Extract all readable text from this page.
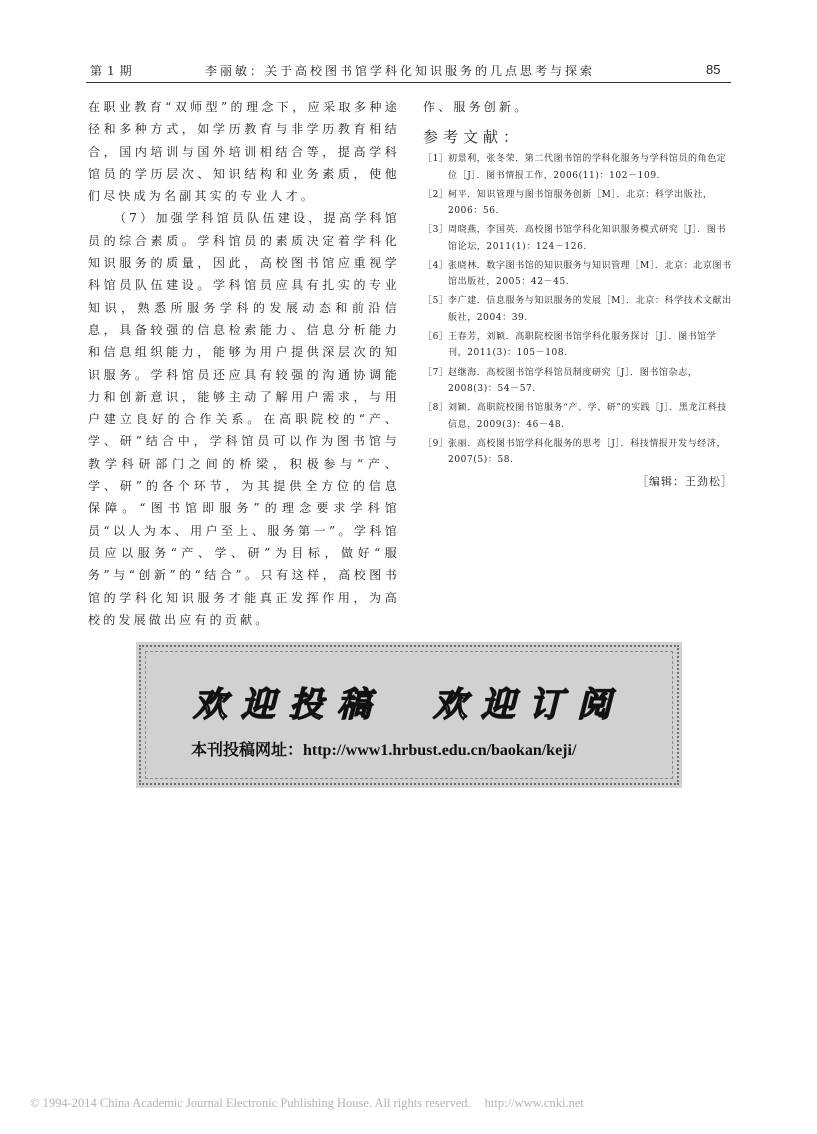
第1期	李丽敏：关于高校图书馆学科化知识服务的几点思考与探索	85

在职业教育“双师型”的理念下，应采取多种途径和多种方式，如学历教育与非学历教育相结合，国内培训与国外培训相结合等，提高学科馆员的学历层次、知识结构和业务素质，使他们尽快成为名副其实的专业人才。

（7）加强学科馆员队伍建设，提高学科馆员的综合素质。学科馆员的素质决定着学科化知识服务的质量，因此，高校图书馆应重视学科馆员队伍建设。学科馆员应具有扎实的专业知识，熟悉所服务学科的发展动态和前沿信息，具备较强的信息检索能力、信息分析能力和信息组织能力，能够为用户提供深层次的知识服务。学科馆员还应具有较强的沟通协调能力和创新意识，能够主动了解用户需求，与用户建立良好的合作关系。在高职院校的“产、学、研”结合中，学科馆员可以作为图书馆与教学科研部门之间的桥梁，积极参与“产、学、研”的各个环节，为其提供全方位的信息保障。“图书馆即服务”的理念要求学科馆员“以人为本、用户至上、服务第一”。学科馆员应以服务“产、学、研”为目标，做好“服务”与“创新”的“结合”。只有这样，高校图书馆的学科化知识服务才能真正发挥作用，为高校的发展做出应有的贡献。

作、服务创新。
参考文献：
［1］ 初景利，张冬荣．第二代图书馆的学科化服务与学科馆员的角色定位［J］．图书情报工作，2006(11)：102－109.
［2］ 柯平．知识管理与图书馆服务创新［M］．北京：科学出版社，2006：56.
［3］ 周晓燕，李国英．高校图书馆学科化知识服务模式研究［J］．图书馆论坛，2011(1)：124－126.
［4］ 张晓林．数字图书馆的知识服务与知识管理［M］．北京：北京图书馆出版社，2005：42－45.
［5］ 李广建．信息服务与知识服务的发展［M］．北京：科学技术文献出版社，2004：39.
［6］ 王春芳，刘颖．高职院校图书馆学科化服务探讨［J］．图书馆学刊，2011(3)：105－108.
［7］ 赵继海．高校图书馆学科馆员制度研究［J］．图书馆杂志，2008(3)：54－57.
［8］ 刘颖．高职院校图书馆服务“产、学、研”的实践［J］．黑龙江科技信息，2009(3)：46－48.
［9］ 张丽．高校图书馆学科化服务的思考［J］．科技情报开发与经济，2007(5)：58.
［编辑：王劲松］
欢迎投稿　欢迎订阅
本刊投稿网址：http://www1.hrbust.edu.cn/baokan/keji/
© 1994-2014 China Academic Journal Electronic Publishing House. All rights reserved. http://www.cnki.net
